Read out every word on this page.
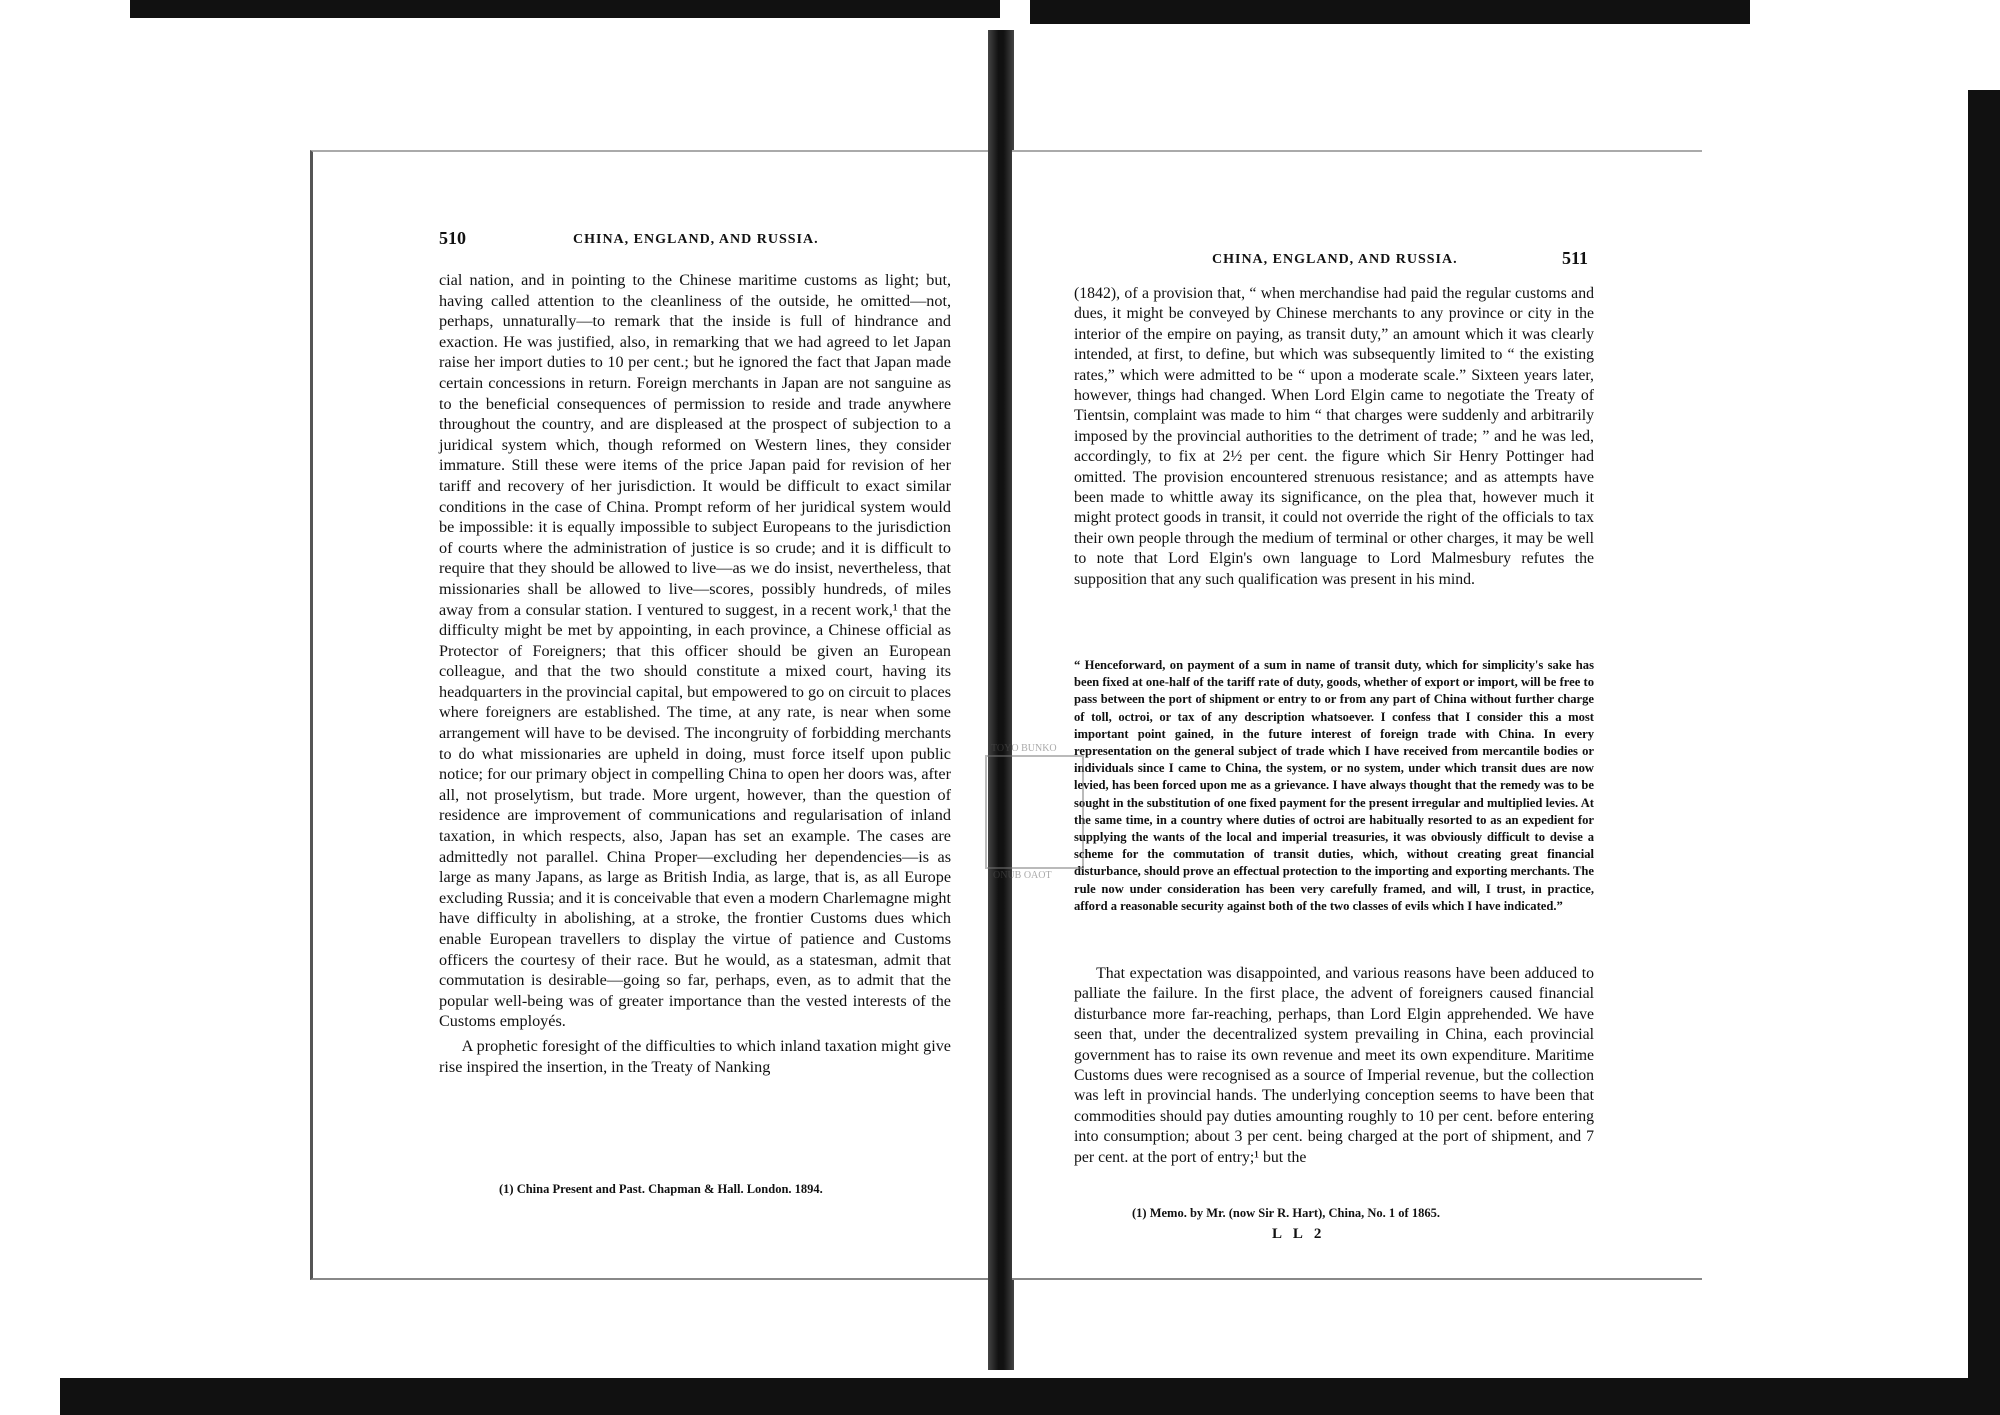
510	CHINA, ENGLAND, AND RUSSIA.

cial nation, and in pointing to the Chinese maritime customs as light; but, having called attention to the cleanliness of the outside, he omitted—not, perhaps, unnaturally—to remark that the inside is full of hindrance and exaction. He was justified, also, in remarking that we had agreed to let Japan raise her import duties to 10 per cent.; but he ignored the fact that Japan made certain concessions in return. Foreign merchants in Japan are not sanguine as to the beneficial consequences of permission to reside and trade anywhere throughout the country, and are displeased at the prospect of subjection to a juridical system which, though reformed on Western lines, they consider immature. Still these were items of the price Japan paid for revision of her tariff and recovery of her jurisdiction. It would be difficult to exact similar conditions in the case of China. Prompt reform of her juridical system would be impossible: it is equally impossible to subject Europeans to the jurisdiction of courts where the administration of justice is so crude; and it is difficult to require that they should be allowed to live—as we do insist, nevertheless, that missionaries shall be allowed to live—scores, possibly hundreds, of miles away from a consular station. I ventured to suggest, in a recent work,¹ that the difficulty might be met by appointing, in each province, a Chinese official as Protector of Foreigners; that this officer should be given an European colleague, and that the two should constitute a mixed court, having its headquarters in the provincial capital, but empowered to go on circuit to places where foreigners are established. The time, at any rate, is near when some arrangement will have to be devised. The incongruity of forbidding merchants to do what missionaries are upheld in doing, must force itself upon public notice; for our primary object in compelling China to open her doors was, after all, not proselytism, but trade. More urgent, however, than the question of residence are improvement of communications and regularisation of inland taxation, in which respects, also, Japan has set an example. The cases are admittedly not parallel. China Proper—excluding her dependencies—is as large as many Japans, as large as British India, as large, that is, as all Europe excluding Russia; and it is conceivable that even a modern Charlemagne might have difficulty in abolishing, at a stroke, the frontier Customs dues which enable European travellers to display the virtue of patience and Customs officers the courtesy of their race. But he would, as a statesman, admit that commutation is desirable—going so far, perhaps, even, as to admit that the popular well-being was of greater importance than the vested interests of the Customs employés.

A prophetic foresight of the difficulties to which inland taxation might give rise inspired the insertion, in the Treaty of Nanking

(1) China Present and Past. Chapman & Hall. London. 1894.
CHINA, ENGLAND, AND RUSSIA.	511
(1842), of a provision that, “ when merchandise had paid the regular customs and dues, it might be conveyed by Chinese merchants to any province or city in the interior of the empire on paying, as transit duty,” an amount which it was clearly intended, at first, to define, but which was subsequently limited to “ the existing rates,” which were admitted to be “ upon a moderate scale.” Sixteen years later, however, things had changed. When Lord Elgin came to negotiate the Treaty of Tientsin, complaint was made to him “ that charges were suddenly and arbitrarily imposed by the provincial authorities to the detriment of trade; ” and he was led, accordingly, to fix at 2½ per cent. the figure which Sir Henry Pottinger had omitted. The provision encountered strenuous resistance; and as attempts have been made to whittle away its significance, on the plea that, however much it might protect goods in transit, it could not override the right of the officials to tax their own people through the medium of terminal or other charges, it may be well to note that Lord Elgin's own language to Lord Malmesbury refutes the supposition that any such qualification was present in his mind.
“ Henceforward, on payment of a sum in name of transit duty, which for simplicity's sake has been fixed at one-half of the tariff rate of duty, goods, whether of export or import, will be free to pass between the port of shipment or entry to or from any part of China without further charge of toll, octroi, or tax of any description whatsoever. I confess that I consider this a most important point gained, in the future interest of foreign trade with China. In every representation on the general subject of trade which I have received from mercantile bodies or individuals since I came to China, the system, or no system, under which transit dues are now levied, has been forced upon me as a grievance. I have always thought that the remedy was to be sought in the substitution of one fixed payment for the present irregular and multiplied levies. At the same time, in a country where duties of octroi are habitually resorted to as an expedient for supplying the wants of the local and imperial treasuries, it was obviously difficult to devise a scheme for the commutation of transit duties, which, without creating great financial disturbance, should prove an effectual protection to the importing and exporting merchants. The rule now under consideration has been very carefully framed, and will, I trust, in practice, afford a reasonable security against both of the two classes of evils which I have indicated.”
That expectation was disappointed, and various reasons have been adduced to palliate the failure. In the first place, the advent of foreigners caused financial disturbance more far-reaching, perhaps, than Lord Elgin apprehended. We have seen that, under the decentralized system prevailing in China, each provincial government has to raise its own revenue and meet its own expenditure. Maritime Customs dues were recognised as a source of Imperial revenue, but the collection was left in provincial hands. The underlying conception seems to have been that commodities should pay duties amounting roughly to 10 per cent. before entering into consumption; about 3 per cent. being charged at the port of shipment, and 7 per cent. at the port of entry;¹ but the
(1) Memo. by Mr. (now Sir R. Hart), China, No. 1 of 1865.
L L 2
TOYO BUNKO
ONUB OAOT
